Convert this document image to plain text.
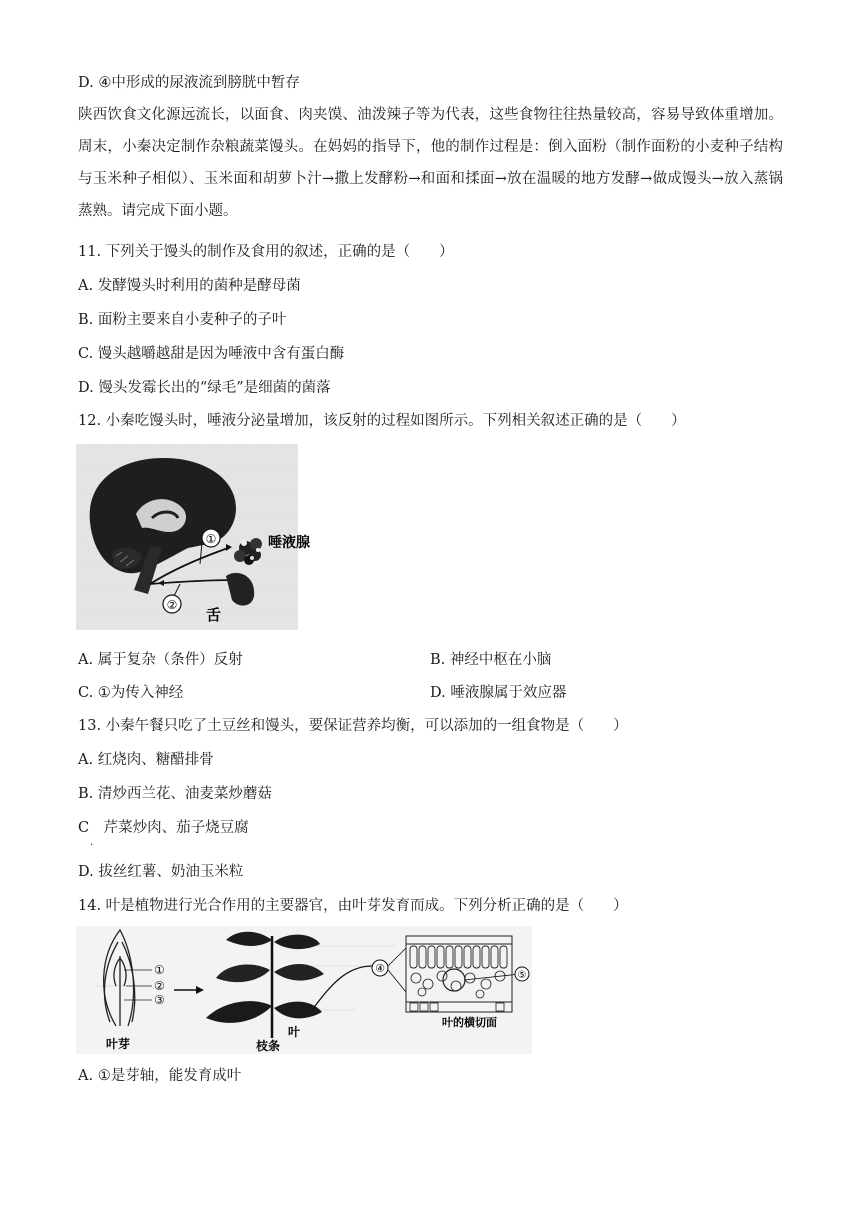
D. ④中形成的尿液流到膀胱中暂存
陕西饮食文化源远流长，以面食、肉夹馍、油泼辣子等为代表，这些食物往往热量较高，容易导致体重增加。周末，小秦决定制作杂粮蔬菜馒头。在妈妈的指导下，他的制作过程是：倒入面粉（制作面粉的小麦种子结构与玉米种子相似）、玉米面和胡萝卜汁→撒上发酵粉→和面和揉面→放在温暖的地方发酵→做成馒头→放入蒸锅蒸熟。请完成下面小题。
11. 下列关于馒头的制作及食用的叙述，正确的是（　　）
A. 发酵馒头时利用的菌种是酵母菌
B. 面粉主要来自小麦种子的子叶
C. 馒头越嚼越甜是因为唾液中含有蛋白酶
D. 馒头发霉长出的“绿毛”是细菌的菌落
12. 小秦吃馒头时，唾液分泌量增加，该反射的过程如图所示。下列相关叙述正确的是（　　）
①	唾液腺
②
舌
A. 属于复杂（条件）反射	B. 神经中枢在小脑
C. ①为传入神经	D. 唾液腺属于效应器
13. 小秦午餐只吃了土豆丝和馒头，要保证营养均衡，可以添加的一组食物是（　　）
A. 红烧肉、糖醋排骨
B. 清炒西兰花、油麦菜炒蘑菇
C　芹菜炒肉、茄子烧豆腐
·
D. 拔丝红薯、奶油玉米粒
14. 叶是植物进行光合作用的主要器官，由叶芽发育而成。下列分析正确的是（　　）
①
②
③
叶芽	枝条
叶
④
⑤
叶的横切面
A. ①是芽轴，能发育成叶
